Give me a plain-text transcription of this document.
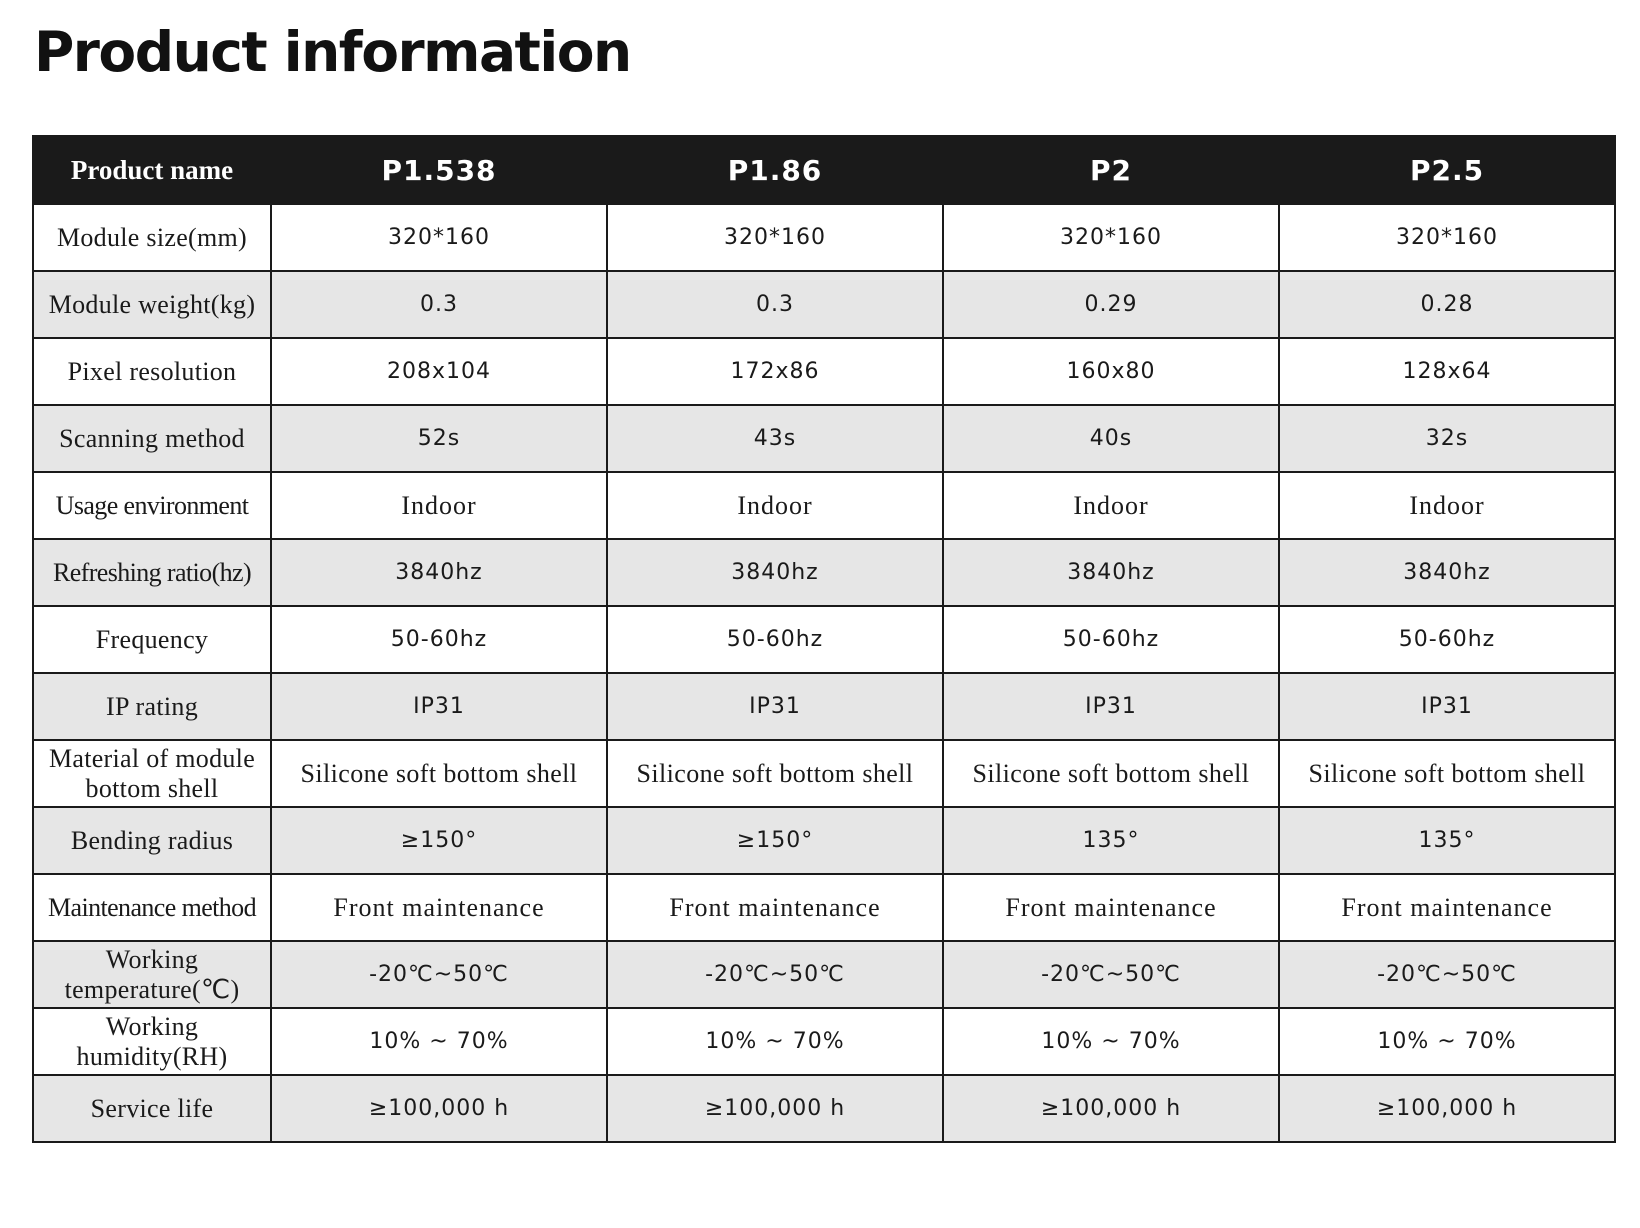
Product information
Product name	P1.538	P1.86	P2	P2.5
Module size(mm)	320*160	320*160	320*160	320*160
Module weight(kg)	0.3	0.3	0.29	0.28
Pixel resolution	208x104	172x86	160x80	128x64
Scanning method	52s	43s	40s	32s
Usage environment	Indoor	Indoor	Indoor	Indoor
Refreshing ratio(hz)	3840hz	3840hz	3840hz	3840hz
Frequency	50-60hz	50-60hz	50-60hz	50-60hz
IP rating	IP31	IP31	IP31	IP31
Material of module bottom shell	Silicone soft bottom shell	Silicone soft bottom shell	Silicone soft bottom shell	Silicone soft bottom shell
Bending radius	≥150°	≥150°	135°	135°
Maintenance method	Front maintenance	Front maintenance	Front maintenance	Front maintenance
Working temperature(℃)	-20℃~50℃	-20℃~50℃	-20℃~50℃	-20℃~50℃
Working humidity(RH)	10% ~ 70%	10% ~ 70%	10% ~ 70%	10% ~ 70%
Service life	≥100,000 h	≥100,000 h	≥100,000 h	≥100,000 h
